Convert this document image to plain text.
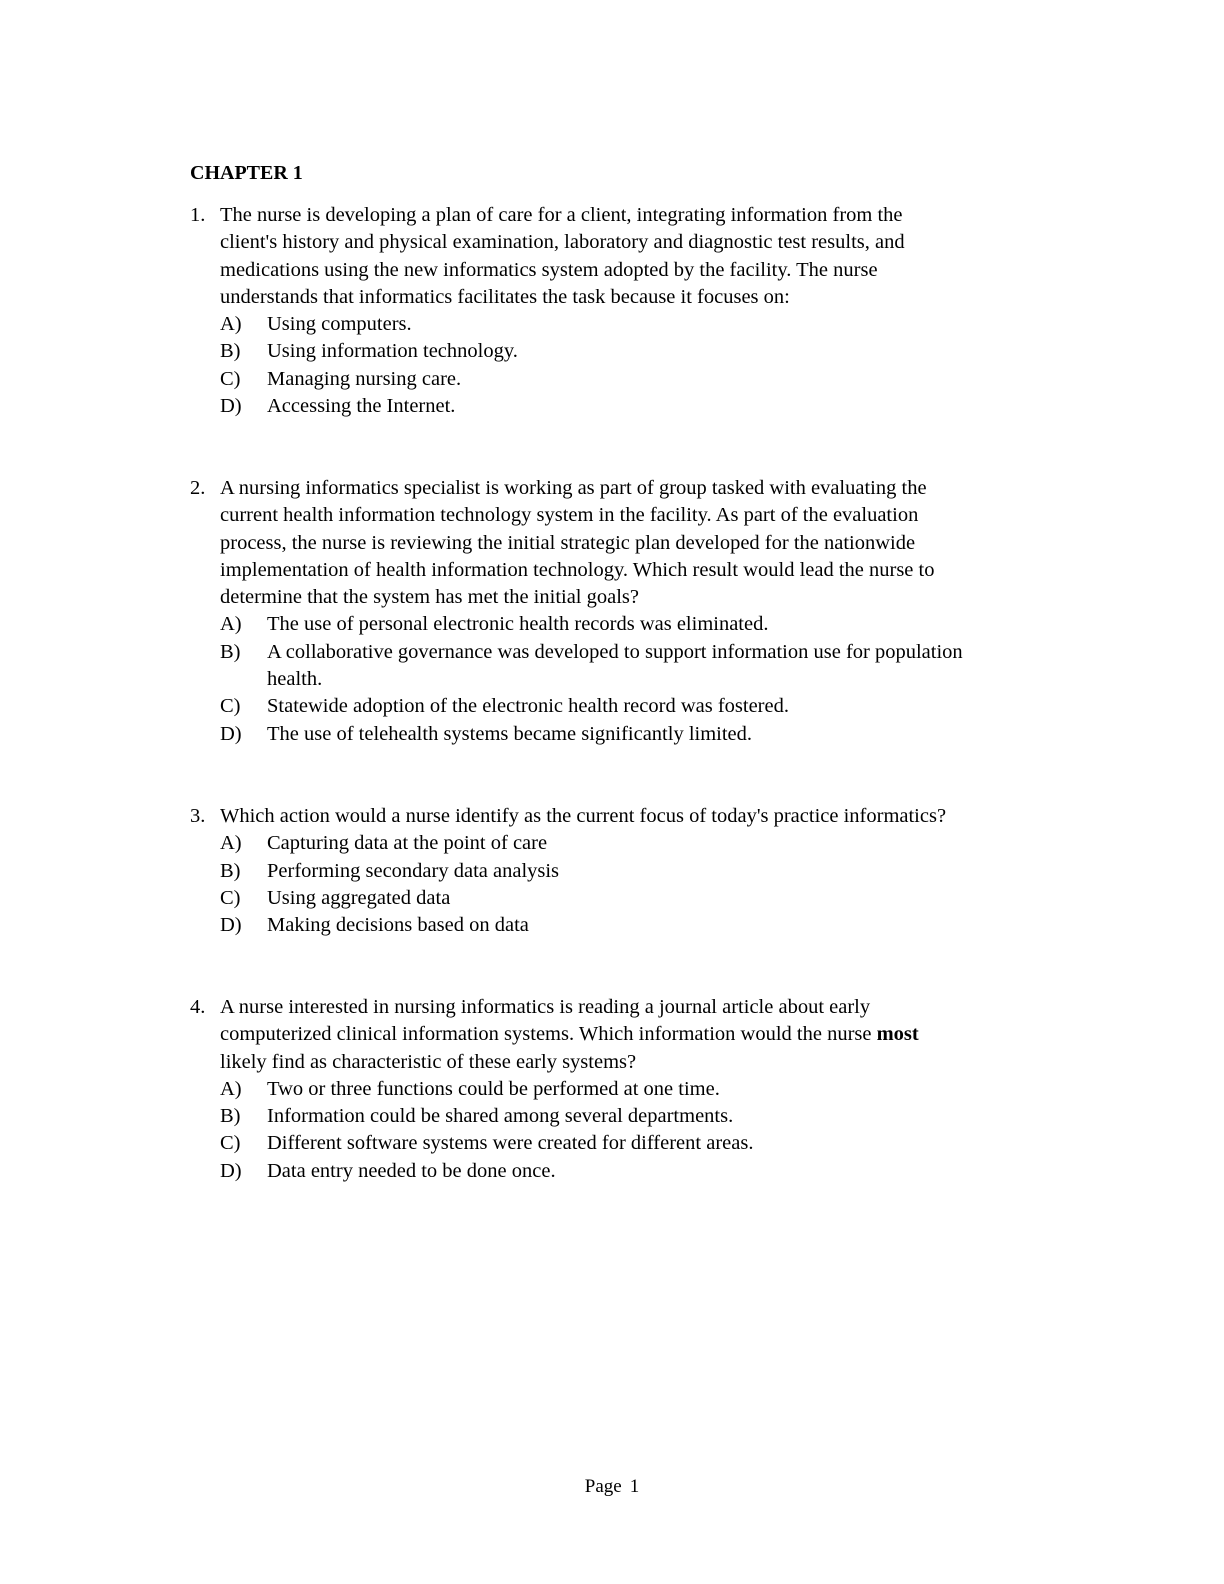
CHAPTER 1
1. The nurse is developing a plan of care for a client, integrating information from the
client's history and physical examination, laboratory and diagnostic test results, and
medications using the new informatics system adopted by the facility. The nurse
understands that informatics facilitates the task because it focuses on:
A)	Using computers.
B)	Using information technology.
C)	Managing nursing care.
D)	Accessing the Internet.
2. A nursing informatics specialist is working as part of group tasked with evaluating the
current health information technology system in the facility. As part of the evaluation
process, the nurse is reviewing the initial strategic plan developed for the nationwide
implementation of health information technology. Which result would lead the nurse to
determine that the system has met the initial goals?
A)	The use of personal electronic health records was eliminated.
B)	A collaborative governance was developed to support information use for population health.
C)	Statewide adoption of the electronic health record was fostered.
D)	The use of telehealth systems became significantly limited.
3. Which action would a nurse identify as the current focus of today's practice informatics?
A)	Capturing data at the point of care
B)	Performing secondary data analysis
C)	Using aggregated data
D)	Making decisions based on data
4. A nurse interested in nursing informatics is reading a journal article about early
computerized clinical information systems. Which information would the nurse most
likely find as characteristic of these early systems?
A)	Two or three functions could be performed at one time.
B)	Information could be shared among several departments.
C)	Different software systems were created for different areas.
D)	Data entry needed to be done once.
Page 1
